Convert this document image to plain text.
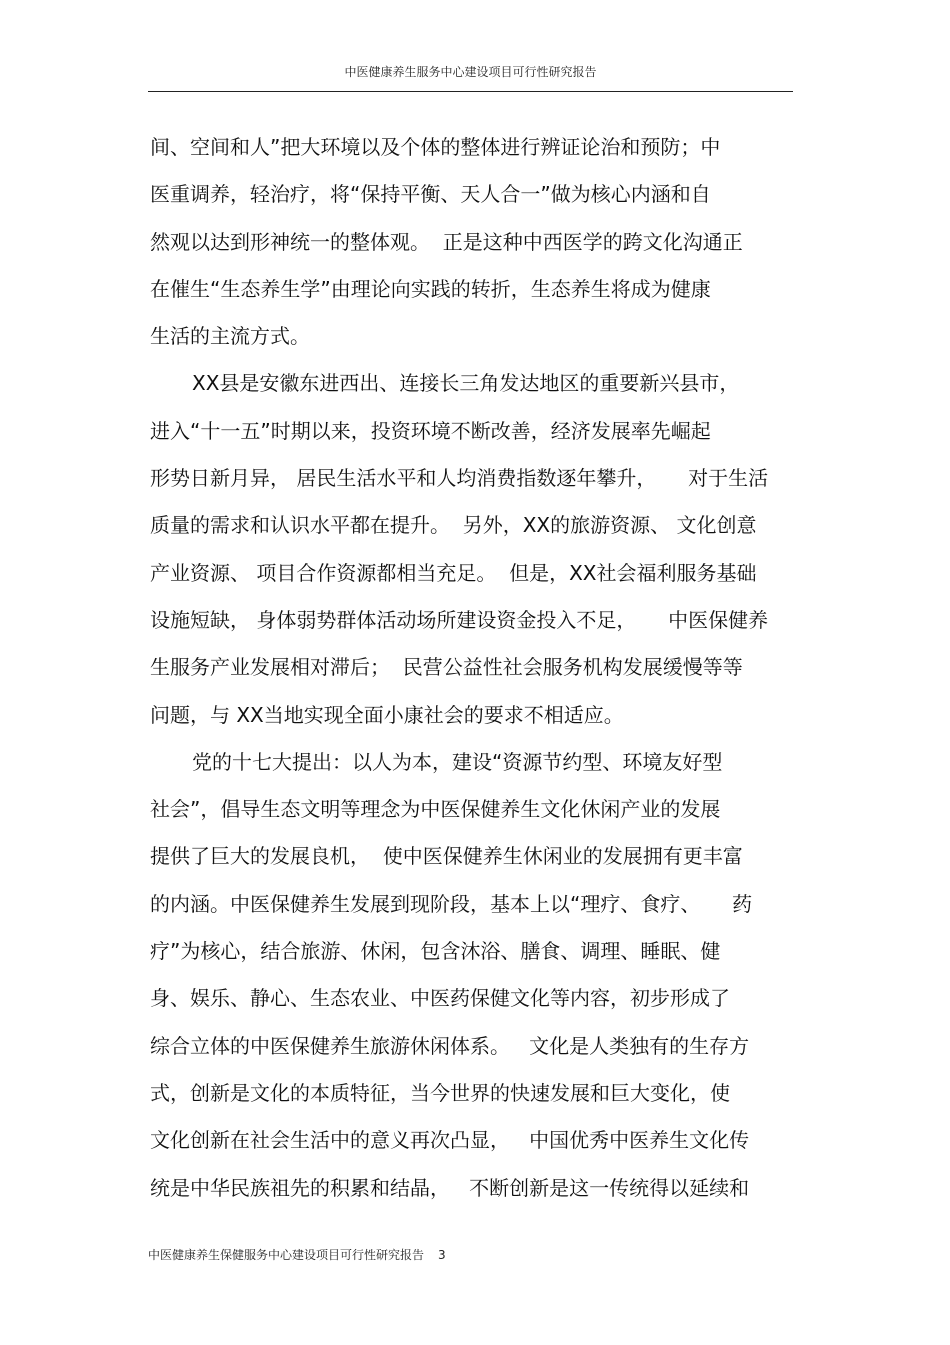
中医健康养生服务中心建设项目可行性研究报告
间、空间和人”把大环境以及个体的整体进行辨证论治和预防；中
医重调养，轻治疗，将“保持平衡、天人合一”做为核心内涵和自
然观以达到形神统一的整体观。  正是这种中西医学的跨文化沟通正
在催生“生态养生学”由理论向实践的转折，生态养生将成为健康
生活的主流方式。
XX县是安徽东进西出、连接长三角发达地区的重要新兴县市，
进入“十一五”时期以来，投资环境不断改善，经济发展率先崛起
形势日新月异， 居民生活水平和人均消费指数逐年攀升，     对于生活
质量的需求和认识水平都在提升。  另外，XX的旅游资源、 文化创意
产业资源、 项目合作资源都相当充足。  但是，XX社会福利服务基础
设施短缺， 身体弱势群体活动场所建设资金投入不足，     中医保健养
生服务产业发展相对滞后；  民营公益性社会服务机构发展缓慢等等
问题，与 XX当地实现全面小康社会的要求不相适应。
党的十七大提出：以人为本，建设“资源节约型、环境友好型
社会”，倡导生态文明等理念为中医保健养生文化休闲产业的发展
提供了巨大的发展良机，  使中医保健养生休闲业的发展拥有更丰富
的内涵。中医保健养生发展到现阶段，基本上以“理疗、食疗、     药
疗”为核心，结合旅游、休闲，包含沐浴、膳食、调理、睡眠、健
身、娱乐、静心、生态农业、中医药保健文化等内容，初步形成了
综合立体的中医保健养生旅游休闲体系。   文化是人类独有的生存方
式，创新是文化的本质特征，当今世界的快速发展和巨大变化，使
文化创新在社会生活中的意义再次凸显，   中国优秀中医养生文化传
统是中华民族祖先的积累和结晶，   不断创新是这一传统得以延续和
中医健康养生保健服务中心建设项目可行性研究报告 3
